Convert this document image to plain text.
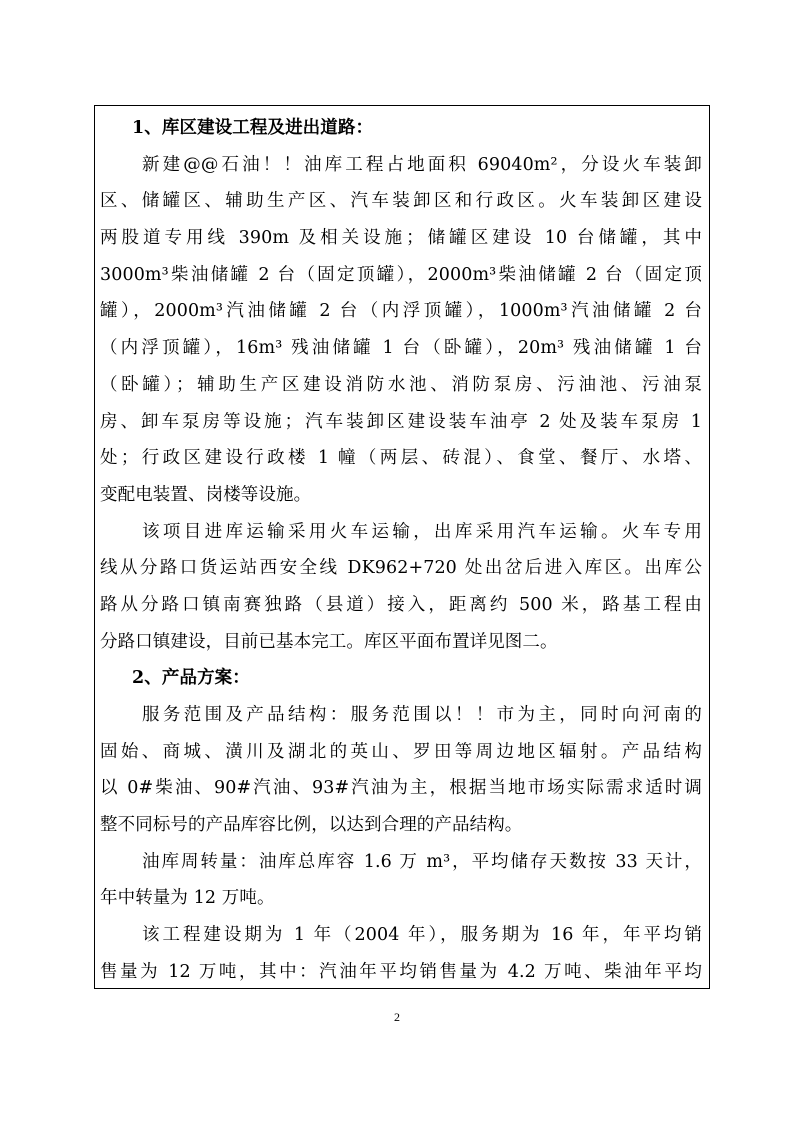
1、库区建设工程及进出道路：
新建@@石油！！油库工程占地面积 69040m²，分设火车装卸
区、储罐区、辅助生产区、汽车装卸区和行政区。火车装卸区建设
两股道专用线 390m 及相关设施；储罐区建设 10 台储罐，其中
3000m³柴油储罐 2 台（固定顶罐），2000m³柴油储罐 2 台（固定顶
罐），2000m³汽油储罐 2 台（内浮顶罐），1000m³汽油储罐 2 台
（内浮顶罐），16m³ 残油储罐 1 台（卧罐），20m³ 残油储罐 1 台
（卧罐）；辅助生产区建设消防水池、消防泵房、污油池、污油泵
房、卸车泵房等设施；汽车装卸区建设装车油亭 2 处及装车泵房 1
处；行政区建设行政楼 1 幢（两层、砖混）、食堂、餐厅、水塔、
变配电装置、岗楼等设施。
该项目进库运输采用火车运输，出库采用汽车运输。火车专用
线从分路口货运站西安全线 DK962+720 处出岔后进入库区。出库公
路从分路口镇南赛独路（县道）接入，距离约 500 米，路基工程由
分路口镇建设，目前已基本完工。库区平面布置详见图二。
2、产品方案：
服务范围及产品结构：服务范围以！！市为主，同时向河南的
固始、商城、潢川及湖北的英山、罗田等周边地区辐射。产品结构
以 0#柴油、90#汽油、93#汽油为主，根据当地市场实际需求适时调
整不同标号的产品库容比例，以达到合理的产品结构。
油库周转量：油库总库容 1.6 万 m³，平均储存天数按 33 天计，
年中转量为 12 万吨。
该工程建设期为 1 年（2004 年），服务期为 16 年，年平均销
售量为 12 万吨，其中：汽油年平均销售量为 4.2 万吨、柴油年平均
2
